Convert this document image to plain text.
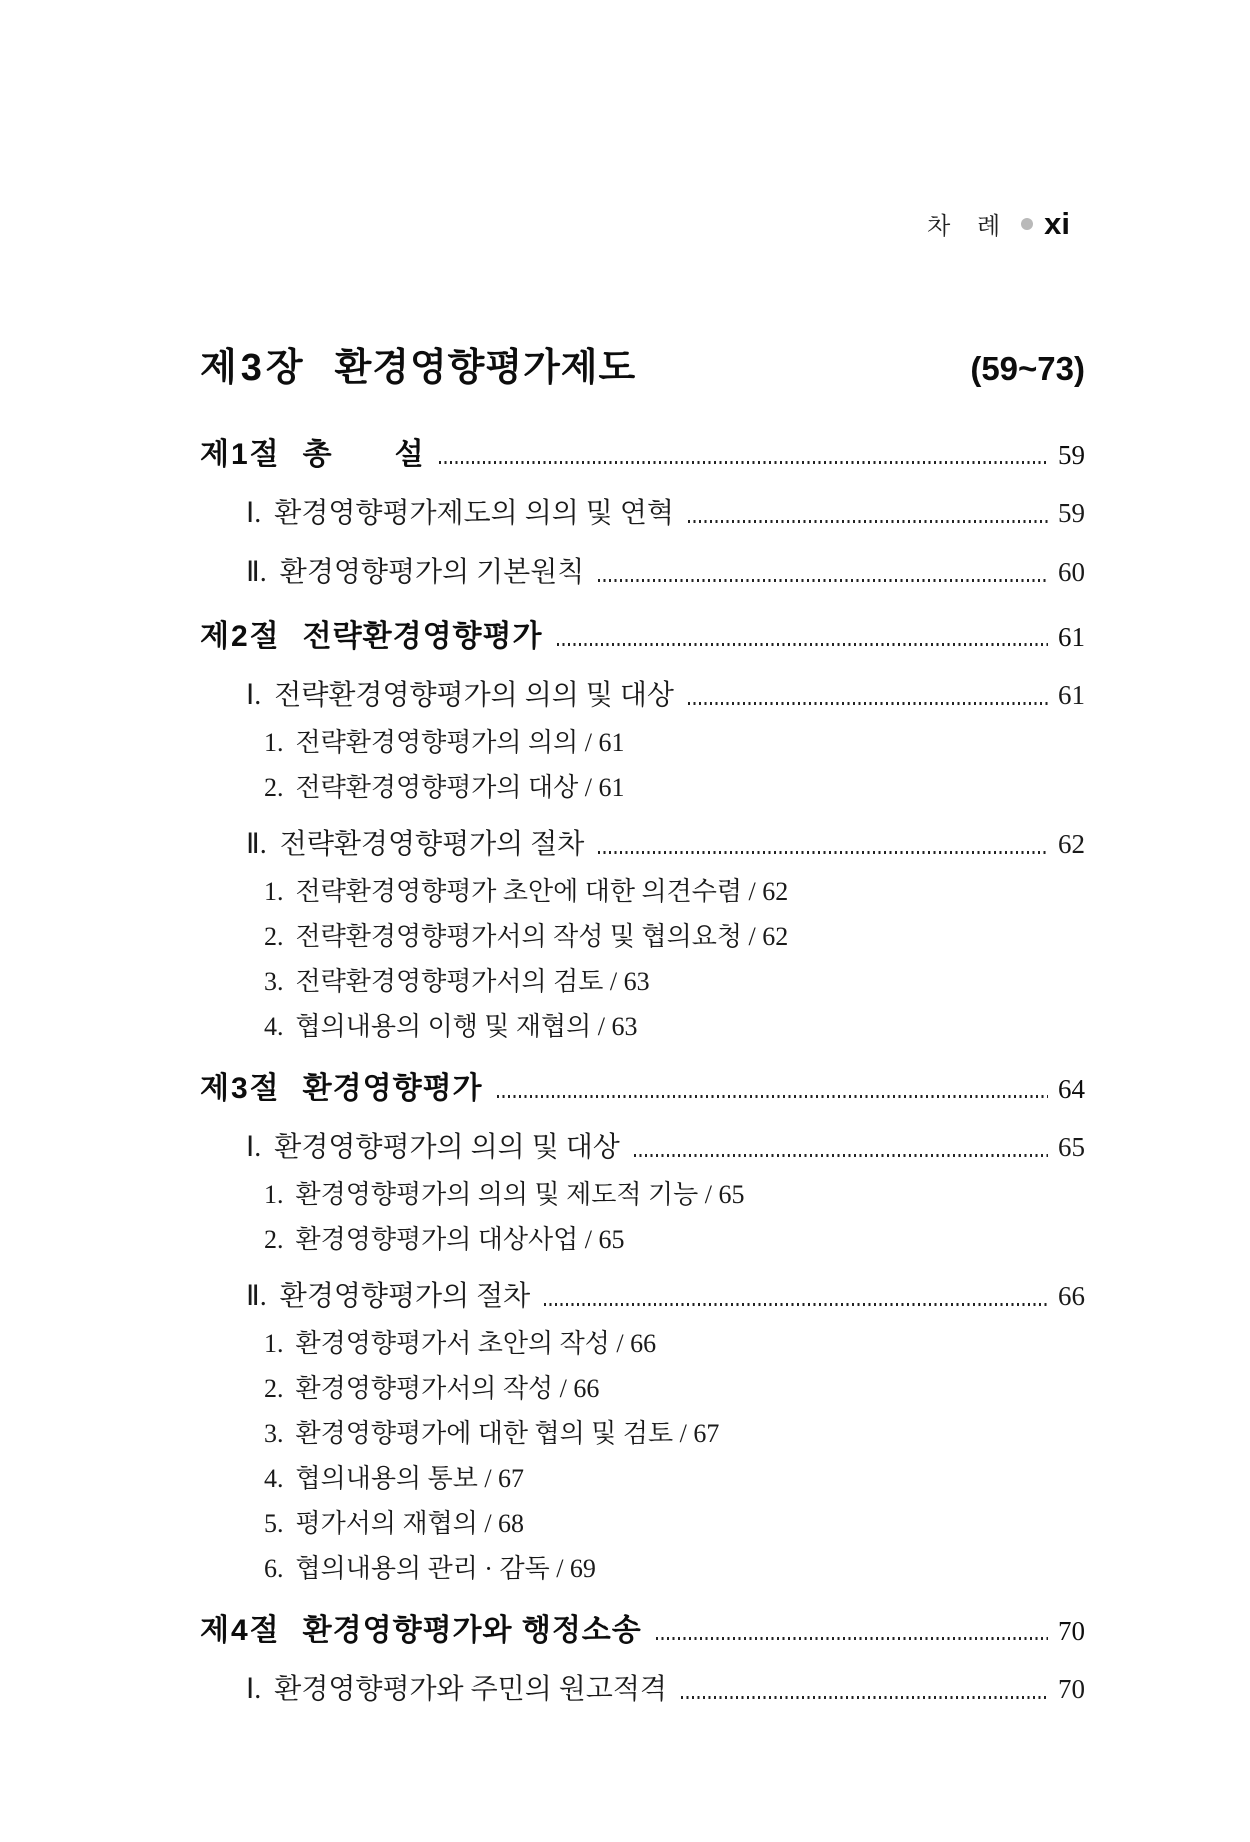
차 례 xi
제3장 환경영향평가제도	(59~73)
제1절 총　　설	59
Ⅰ. 환경영향평가제도의 의의 및 연혁	59
Ⅱ. 환경영향평가의 기본원칙	60
제2절 전략환경영향평가	61
Ⅰ. 전략환경영향평가의 의의 및 대상	61
1. 전략환경영향평가의 의의 / 61
2. 전략환경영향평가의 대상 / 61
Ⅱ. 전략환경영향평가의 절차	62
1. 전략환경영향평가 초안에 대한 의견수렴 / 62
2. 전략환경영향평가서의 작성 및 협의요청 / 62
3. 전략환경영향평가서의 검토 / 63
4. 협의내용의 이행 및 재협의 / 63
제3절 환경영향평가	64
Ⅰ. 환경영향평가의 의의 및 대상	65
1. 환경영향평가의 의의 및 제도적 기능 / 65
2. 환경영향평가의 대상사업 / 65
Ⅱ. 환경영향평가의 절차	66
1. 환경영향평가서 초안의 작성 / 66
2. 환경영향평가서의 작성 / 66
3. 환경영향평가에 대한 협의 및 검토 / 67
4. 협의내용의 통보 / 67
5. 평가서의 재협의 / 68
6. 협의내용의 관리 · 감독 / 69
제4절 환경영향평가와 행정소송	70
Ⅰ. 환경영향평가와 주민의 원고적격	70
